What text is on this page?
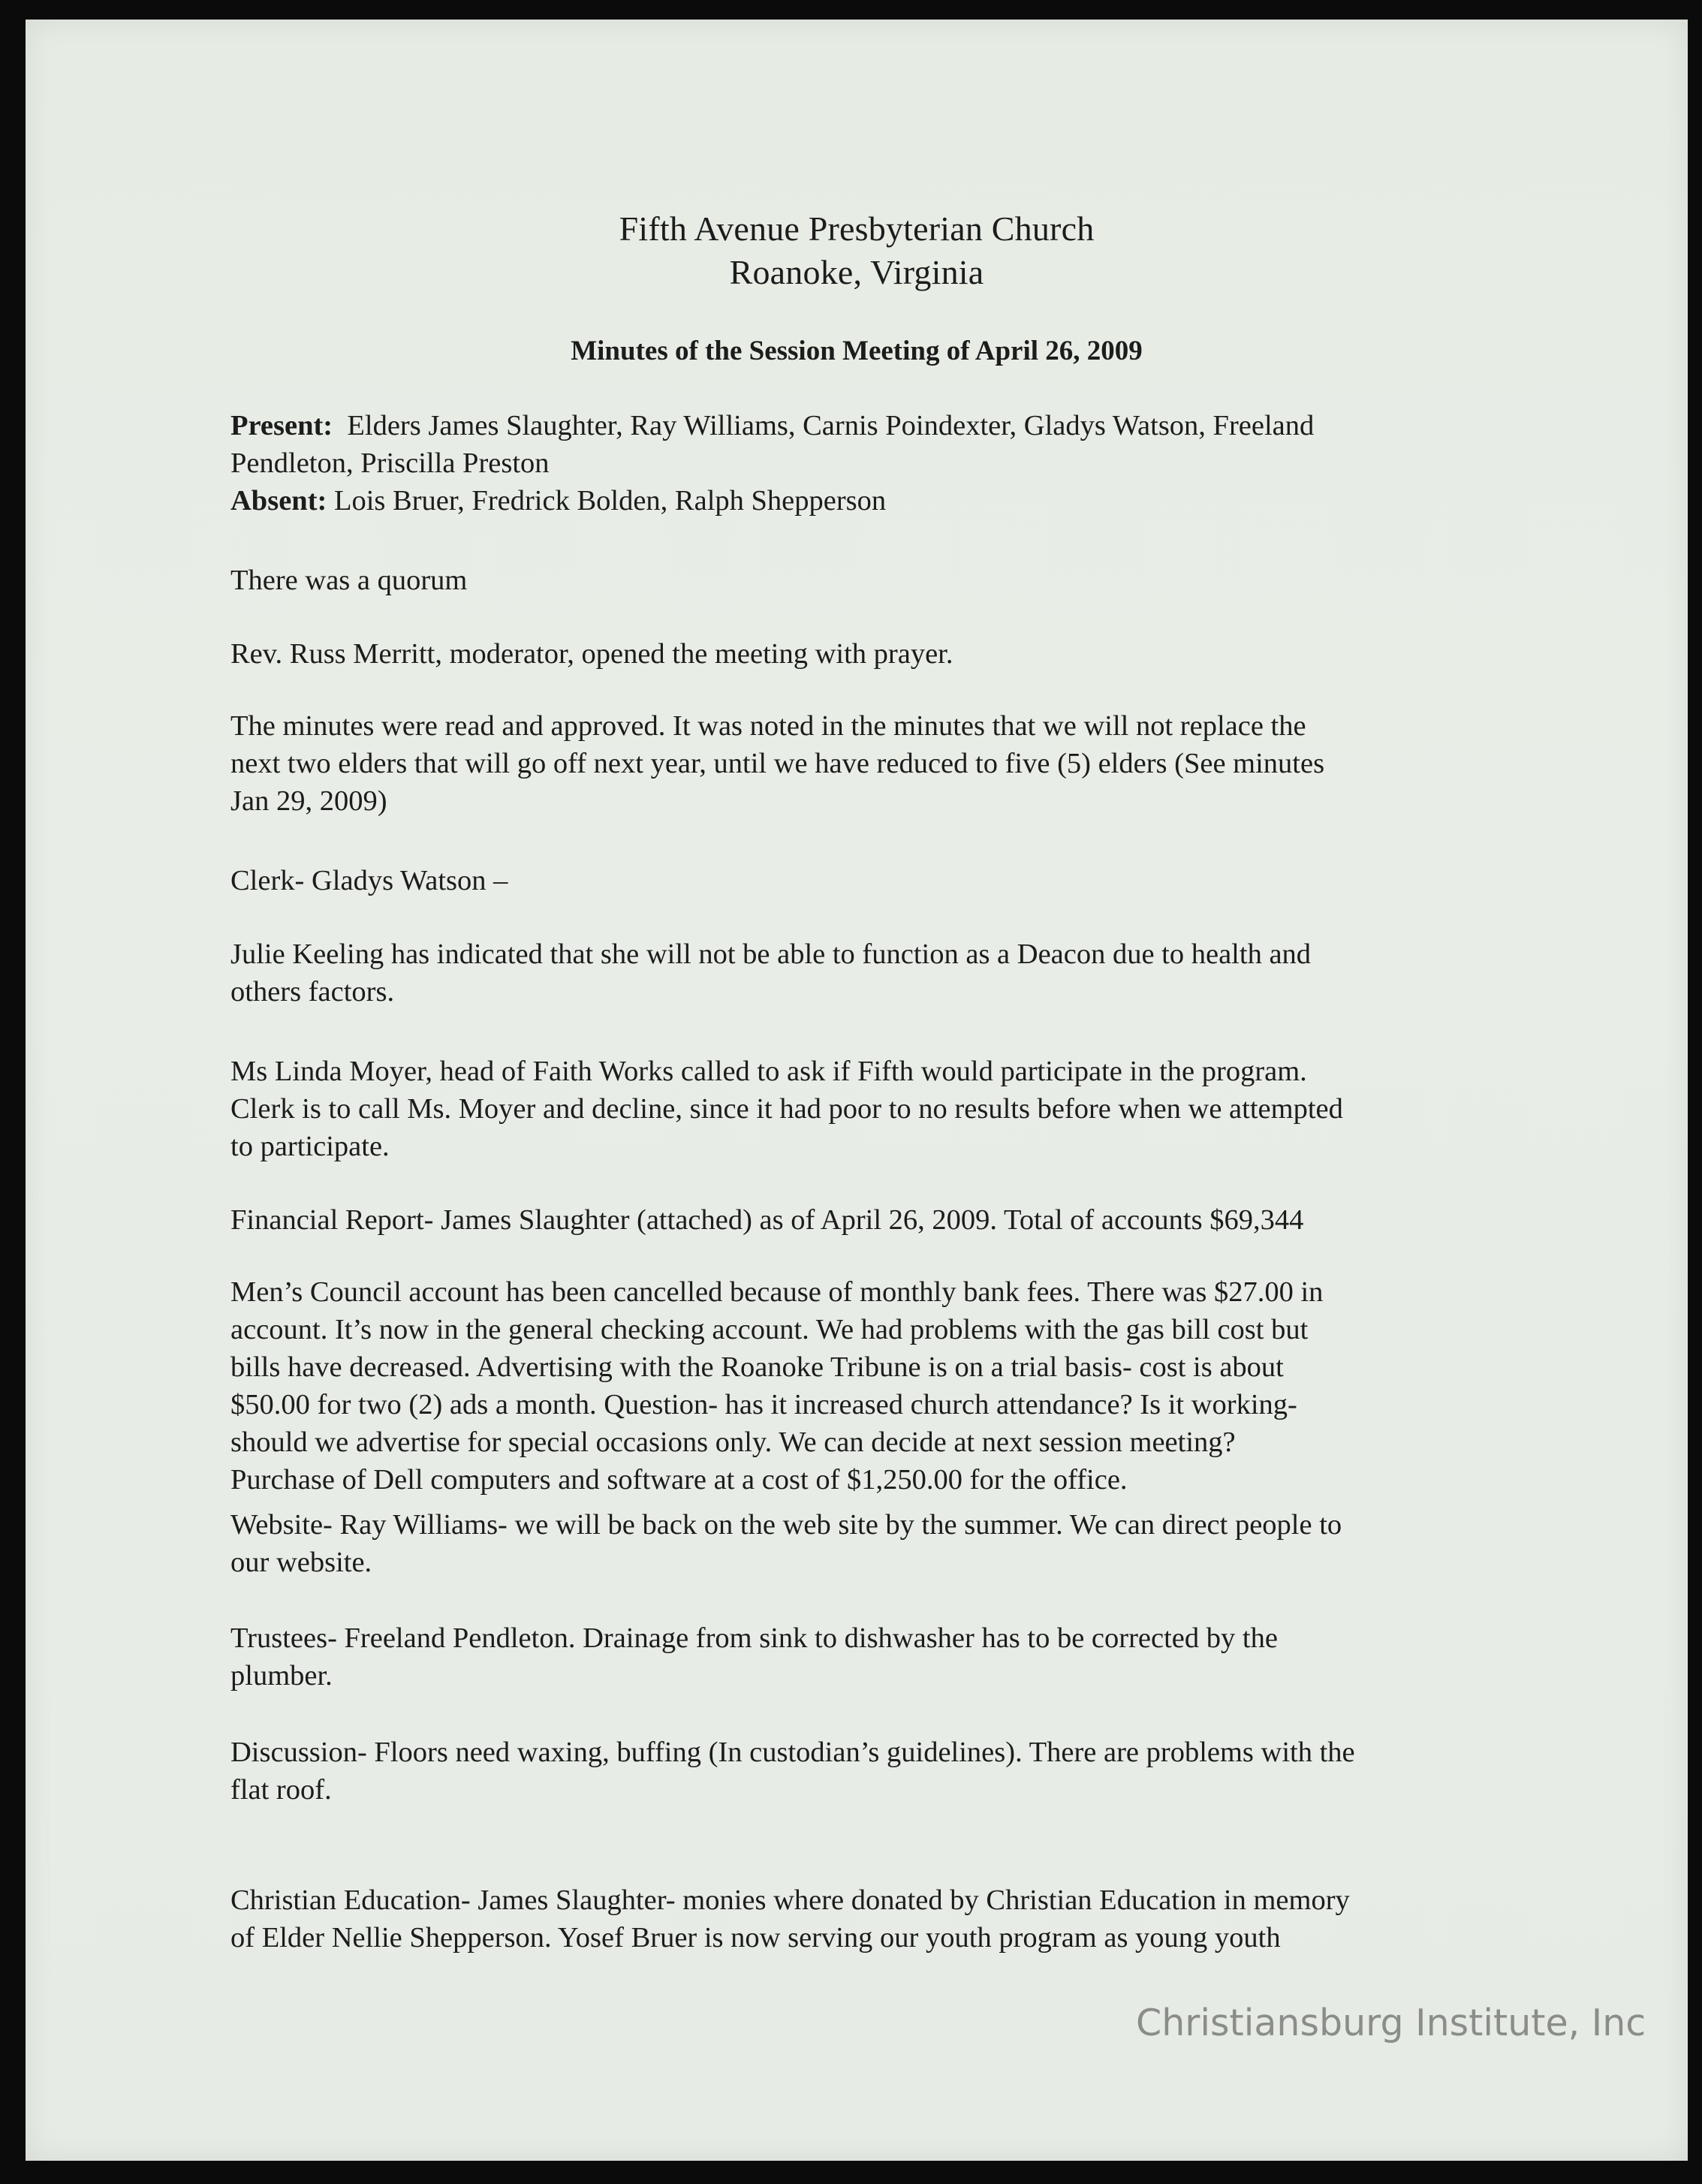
Fifth Avenue Presbyterian Church
Roanoke, Virginia
Minutes of the Session Meeting of April 26, 2009
Present: Elders James Slaughter, Ray Williams, Carnis Poindexter, Gladys Watson, Freeland
Pendleton, Priscilla Preston
Absent: Lois Bruer, Fredrick Bolden, Ralph Shepperson
There was a quorum
Rev. Russ Merritt, moderator, opened the meeting with prayer.
The minutes were read and approved. It was noted in the minutes that we will not replace the
next two elders that will go off next year, until we have reduced to five (5) elders (See minutes
Jan 29, 2009)
Clerk- Gladys Watson –
Julie Keeling has indicated that she will not be able to function as a Deacon due to health and
others factors.
Ms Linda Moyer, head of Faith Works called to ask if Fifth would participate in the program.
Clerk is to call Ms. Moyer and decline, since it had poor to no results before when we attempted
to participate.
Financial Report- James Slaughter (attached) as of April 26, 2009. Total of accounts $69,344
Men’s Council account has been cancelled because of monthly bank fees. There was $27.00 in
account. It’s now in the general checking account. We had problems with the gas bill cost but
bills have decreased. Advertising with the Roanoke Tribune is on a trial basis- cost is about
$50.00 for two (2) ads a month. Question- has it increased church attendance? Is it working-
should we advertise for special occasions only. We can decide at next session meeting?
Purchase of Dell computers and software at a cost of $1,250.00 for the office.
Website- Ray Williams- we will be back on the web site by the summer. We can direct people to
our website.
Trustees- Freeland Pendleton. Drainage from sink to dishwasher has to be corrected by the
plumber.
Discussion- Floors need waxing, buffing (In custodian’s guidelines). There are problems with the
flat roof.
Christian Education- James Slaughter- monies where donated by Christian Education in memory
of Elder Nellie Shepperson. Yosef Bruer is now serving our youth program as young youth
Christiansburg Institute, Inc
